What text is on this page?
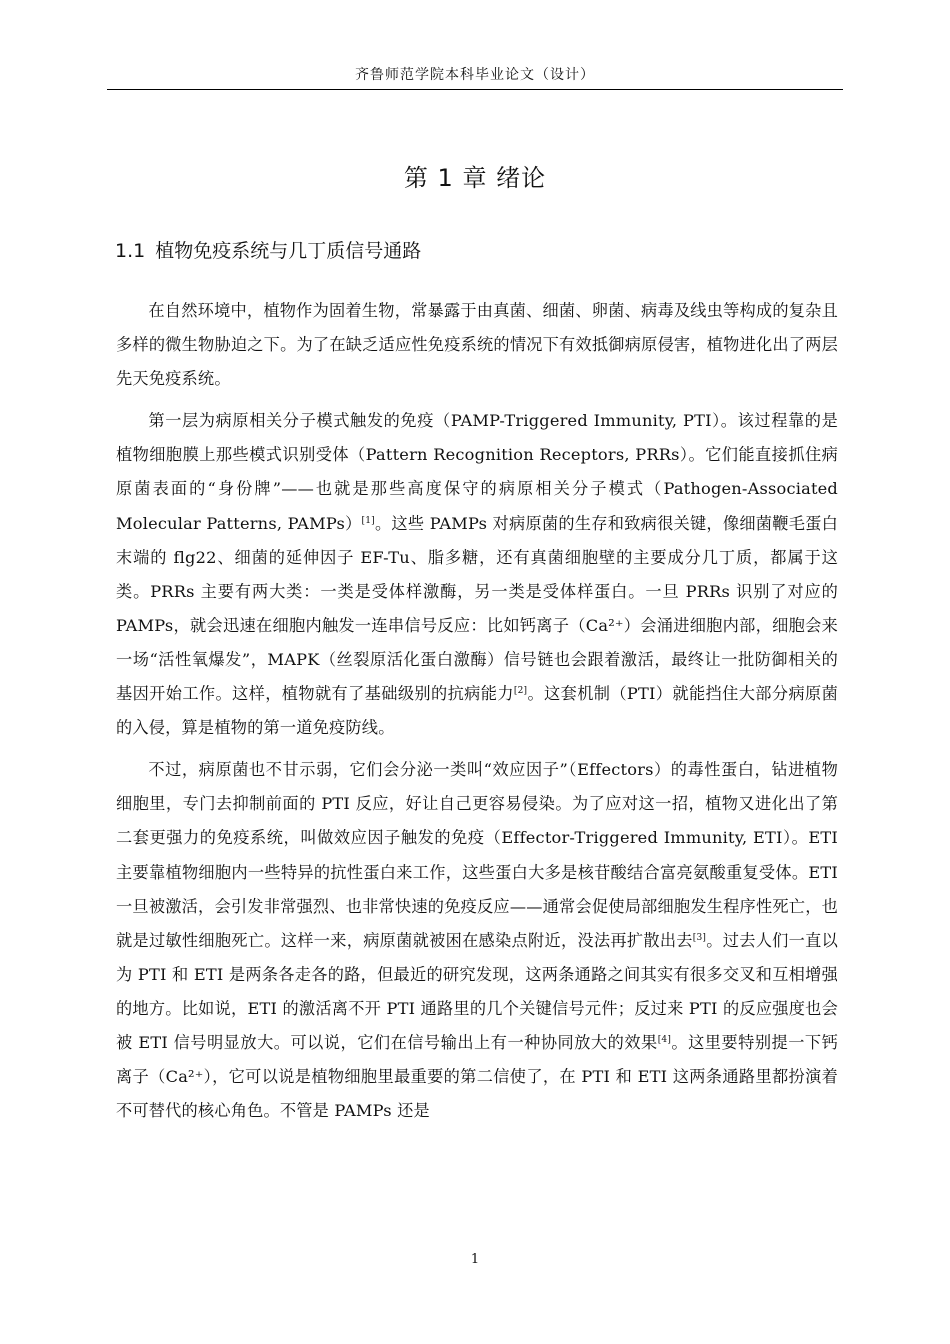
齐鲁师范学院本科毕业论文（设计）
第 1 章 绪论
1.1 植物免疫系统与几丁质信号通路

在自然环境中，植物作为固着生物，常暴露于由真菌、细菌、卵菌、病毒及线虫等构成的复杂且多样的微生物胁迫之下。为了在缺乏适应性免疫系统的情况下有效抵御病原侵害，植物进化出了两层先天免疫系统。

第一层为病原相关分子模式触发的免疫（PAMP-Triggered Immunity, PTI）。该过程靠的是植物细胞膜上那些模式识别受体（Pattern Recognition Receptors, PRRs）。它们能直接抓住病原菌表面的“身份牌”——也就是那些高度保守的病原相关分子模式（Pathogen-Associated Molecular Patterns, PAMPs）[1]。这些 PAMPs 对病原菌的生存和致病很关键，像细菌鞭毛蛋白末端的 flg22、细菌的延伸因子 EF-Tu、脂多糖，还有真菌细胞壁的主要成分几丁质，都属于这类。PRRs 主要有两大类：一类是受体样激酶，另一类是受体样蛋白。一旦 PRRs 识别了对应的 PAMPs，就会迅速在细胞内触发一连串信号反应：比如钙离子（Ca²⁺）会涌进细胞内部，细胞会来一场“活性氧爆发”，MAPK（丝裂原活化蛋白激酶）信号链也会跟着激活，最终让一批防御相关的基因开始工作。这样，植物就有了基础级别的抗病能力[2]。这套机制（PTI）就能挡住大部分病原菌的入侵，算是植物的第一道免疫防线。

不过，病原菌也不甘示弱，它们会分泌一类叫“效应因子”（Effectors）的毒性蛋白，钻进植物细胞里，专门去抑制前面的 PTI 反应，好让自己更容易侵染。为了应对这一招，植物又进化出了第二套更强力的免疫系统，叫做效应因子触发的免疫（Effector-Triggered Immunity, ETI）。ETI 主要靠植物细胞内一些特异的抗性蛋白来工作，这些蛋白大多是核苷酸结合富亮氨酸重复受体。ETI 一旦被激活，会引发非常强烈、也非常快速的免疫反应——通常会促使局部细胞发生程序性死亡，也就是过敏性细胞死亡。这样一来，病原菌就被困在感染点附近，没法再扩散出去[3]。过去人们一直以为 PTI 和 ETI 是两条各走各的路，但最近的研究发现，这两条通路之间其实有很多交叉和互相增强的地方。比如说，ETI 的激活离不开 PTI 通路里的几个关键信号元件；反过来 PTI 的反应强度也会被 ETI 信号明显放大。可以说，它们在信号输出上有一种协同放大的效果[4]。这里要特别提一下钙离子（Ca²⁺），它可以说是植物细胞里最重要的第二信使了，在 PTI 和 ETI 这两条通路里都扮演着不可替代的核心角色。不管是 PAMPs 还是

1
